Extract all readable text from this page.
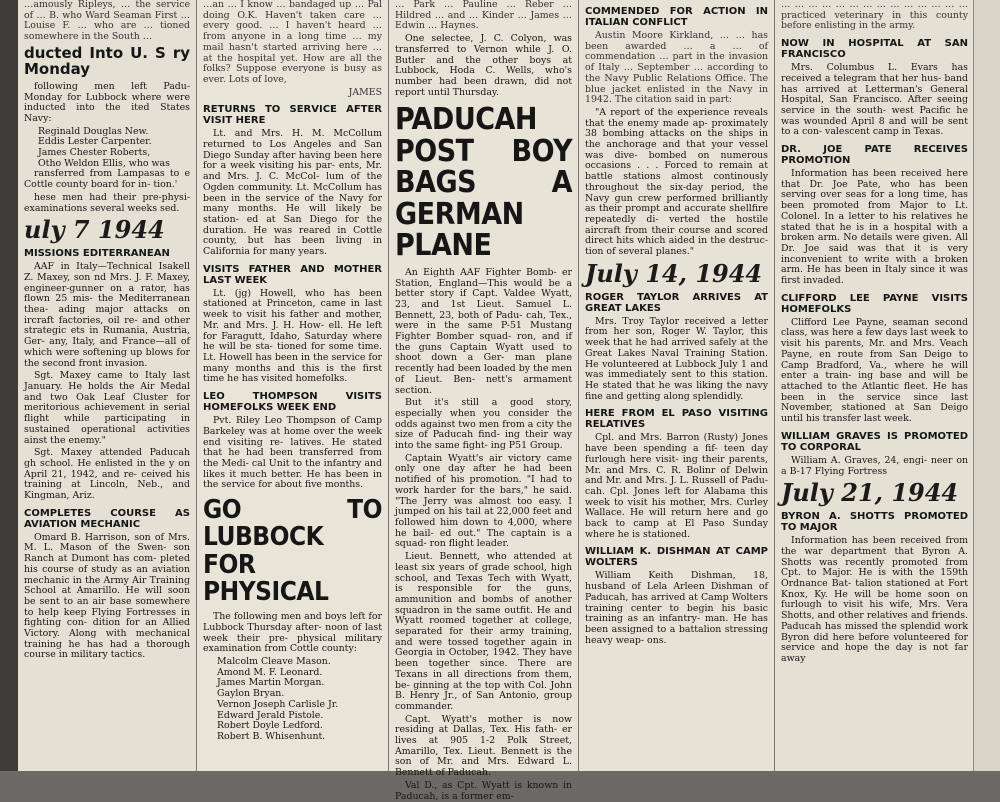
…amously Ripleys, … the service of … B. who Ward Seaman First … Louise F. … who are … tioned somewhere in the South …

ducted Into U. S ry Monday

following men left Padu- Monday for Lubbock where were inducted into the ited States Navy:

Reginald Douglas New.

Eddis Lester Carpenter.

James Chester Roberts,

Otho Weldon Ellis, who was

ransferred from Lampasas to e Cottle county board for in- tion.'

hese men had their pre-physi- examinations several weeks sed.

uly 7 1944
MISSIONS EDITERRANEAN

AAF in Italy—Technical Isakell Z. Maxey, son nd Mrs. J. F. Maxey, engineer-gunner on a rator, has flown 25 mis- the Mediterranean thea- ading major attacks on ircraft factories, oil re- and other strategic ets in Rumania, Austria, Ger- any, Italy, and France—all of which were softening up blows for the second front invasion.

Sgt. Maxey came to Italy last January. He holds the Air Medal and two Oak Leaf Cluster for meritorious achievement in serial flight while participating in sustained operational activities ainst the enemy."

Sgt. Maxey attended Paducah gh school. He enlisted in the y on April 21, 1942, and re- ceived his training at Lincoln, Neb., and Kingman, Ariz.

COMPLETES COURSE AS AVIATION MECHANIC

Omard B. Harrison, son of Mrs. M. L. Mason of the Swen- son Ranch at Dumont has com- pleted his course of study as an aviation mechanic in the Army Air Training School at Amarillo. He will soon be sent to an air base somewhere to help keep Flying Fortresses in fighting con- dition for an Allied Victory. Along with mechanical training he has had a thorough course in military tactics.

…an … I know … bandaged up … Pal doing O.K. Haven't taken care … every good. … I haven't heard … from anyone in a long time … my mail hasn't started arriving here … at the hospital yet. How are all the folks? Suppose everyone is busy as ever. Lots of love,

JAMES

RETURNS TO SERVICE AFTER VISIT HERE

Lt. and Mrs. H. M. McCollum returned to Los Angeles and San Diego Sunday after having been here for a week visiting his par- ents, Mr. and Mrs. J. C. McCol- lum of the Ogden community. Lt. McCollum has been in the service of the Navy for many months. He will likely be station- ed at San Diego for the duration. He was reared in Cottle county, but has been living in California for many years.

VISITS FATHER AND MOTHER LAST WEEK

Lt. (jg) Howell, who has been stationed at Princeton, came in last week to visit his father and mother, Mr. and Mrs. J. H. How- ell. He left for Faragutt, Idaho, Saturday where he will be sta- tioned for some time. Lt. Howell has been in the service for many months and this is the first time he has visited homefolks.

LEO THOMPSON VISITS HOMEFOLKS WEEK END

Pvt. Riley Leo Thompson of Camp Barkeley was at home over the week end visiting re- latives. He stated that he had been transferred from the Medi- cal Unit to the infantry and likes it much better. He has been in the service for about five months.

GO TO LUBBOCK FOR PHYSICAL

The following men and boys left for Lubbock Thursday after- noon of last week their pre- physical military examination from Cottle county:

Malcolm Cleave Mason.

Amond M. F. Leonard.

James Martin Morgan.

Gaylon Bryan.

Vernon Joseph Carlisle Jr.

Edward Jerald Pistole.

Robert Doyle Ledford.

Robert B. Whisenhunt.

… Park … Pauline … Reber … Hildred … and … Kinder … James … Edwin … Haynes.

One selectee, J. C. Colyon, was transferred to Vernon while J. O. Butler and the other boys at Lubbock, Hoda C. Wells, who's number had been drawn, did not report until Thursday.

PADUCAH POST BOY BAGS A GERMAN PLANE

An Eighth AAF Fighter Bomb- er Station, England—This would be a better story if Capt. Valdee Wyatt, 23, and 1st Lieut. Samuel L. Bennett, 23, both of Padu- cah, Tex., were in the same P-51 Mustang Fighter Bomber squad- ron, and if the guns Captain Wyatt used to shoot down a Ger- man plane recently had been loaded by the men of Lieut. Ben- nett's armament section.

But it's still a good story, especially when you consider the odds against two men from a city the size of Paducah find- ing their way into the same fight- ing P51 Group.

Captain Wyatt's air victory came only one day after he had been notified of his promotion. "I had to work harder for the bars," he said. "The Jerry was almost too easy. I jumped on his tail at 22,000 feet and followed him down to 4,000, where he bail- ed out." The captain is a squad- ron flight leader.

Lieut. Bennett, who attended at least six years of grade school, high school, and Texas Tech with Wyatt, is responsible for the guns, ammunition and bombs of another squadron in the same outfit. He and Wyatt roomed together at college, separated for their army training, and were tossed together again in Georgia in October, 1942. They have been together since. There are Texans in all directions from them, be- ginning at the top with Col. John B. Henry Jr., of San Antonio, group commander.

Capt. Wyatt's mother is now residing at Dallas, Tex. His fath- er lives at 905 1-2 Polk Street, Amarillo, Tex. Lieut. Bennett is the son of Mr. and Mrs. Edward L. Bennett of Paducah.

Val D., as Cpt. Wyatt is known in Paducah, is a former em-

COMMENDED FOR ACTION IN ITALIAN CONFLICT

Austin Moore Kirkland, … … has been awarded … a … of commendation … part in the invasion of Italy … September … according to the Navy Public Relations Office. The blue jacket enlisted in the Navy in 1942. The citation said in part:

"A report of the experience reveals that the enemy made ap- proximately 38 bombing attacks on the ships in the anchorage and that your vessel was dive- bombed on numerous occasions . . . Forced to remain at battle stations almost continously throughout the six-day period, the Navy gun crew performed brilliantly as their prompt and accurate shellfire repeatedly di- verted the hostile aircraft from their course and scored direct hits which aided in the destruc- tion of several planes."

July 14, 1944
ROGER TAYLOR ARRIVES AT GREAT LAKES

Mrs. Troy Taylor received a letter from her son, Roger W. Taylor, this week that he had arrived safely at the Great Lakes Naval Training Station. He volunteered at Lubbock July 1 and was immediately sent to this station. He stated that he was liking the navy fine and getting along splendidly.

HERE FROM EL PASO VISITING RELATIVES

Cpl. and Mrs. Barron (Rusty) Jones have been spending a fif- teen day furlough here visit- ing their parents, Mr. and Mrs. C. R. Bolinr of Delwin and Mr. and Mrs. J. L. Russell of Padu- cah. Cpl. Jones left for Alabama this week to visit his mother, Mrs. Curley Wallace. He will return here and go back to camp at El Paso Sunday where he is stationed.

WILLIAM K. DISHMAN AT CAMP WOLTERS

William Keith Dishman, 18, husband of Lela Arleen Dishman of Paducah, has arrived at Camp Wolters training center to begin his basic training as an infantry- man. He has been assigned to a battalion stressing heavy weap- ons.

… … … … … … … … … … … … … … practiced veterinary in this county before enlisting in the army.

NOW IN HOSPITAL AT SAN FRANCISCO

Mrs. Columbus L. Evars has received a telegram that her hus- band has arrived at Letterman's General Hospital, San Francisco. After seeing service in the south- west Pacific he was wounded April 8 and will be sent to a con- valescent camp in Texas.

DR. JOE PATE RECEIVES PROMOTION

Information has been received here that Dr. Joe Pate, who has been serving over seas for a long time, has been promoted from Major to Lt. Colonel. In a letter to his relatives he stated that he is in a hospital with a broken arm. No details were given. All Dr. Joe said was that it is very inconvenient to write with a broken arm. He has been in Italy since it was first invaded.

CLIFFORD LEE PAYNE VISITS HOMEFOLKS

Clifford Lee Payne, seaman second class, was here a few days last week to visit his parents, Mr. and Mrs. Veach Payne, en route from San Deigo to Camp Bradford, Va., where he will enter a train- ing base and will be attached to the Atlantic fleet. He has been in the service since last November, stationed at San Deigo until his transfer last week.

WILLIAM GRAVES IS PROMOTED TO CORPORAL

William A. Graves, 24, engi- neer on a B-17 Flying Fortress

July 21, 1944
BYRON A. SHOTTS PROMOTED TO MAJOR

Information has been received from the war department that Byron A. Shotts was recently promoted from Cpt. to Major. He is with the 159th Ordnance Bat- talion stationed at Fort Knox, Ky. He will be home soon on furlough to visit his wife, Mrs. Vera Shotts, and other relatives and friends. Paducah has missed the splendid work Byron did here before volunteered for service and hope the day is not far away
